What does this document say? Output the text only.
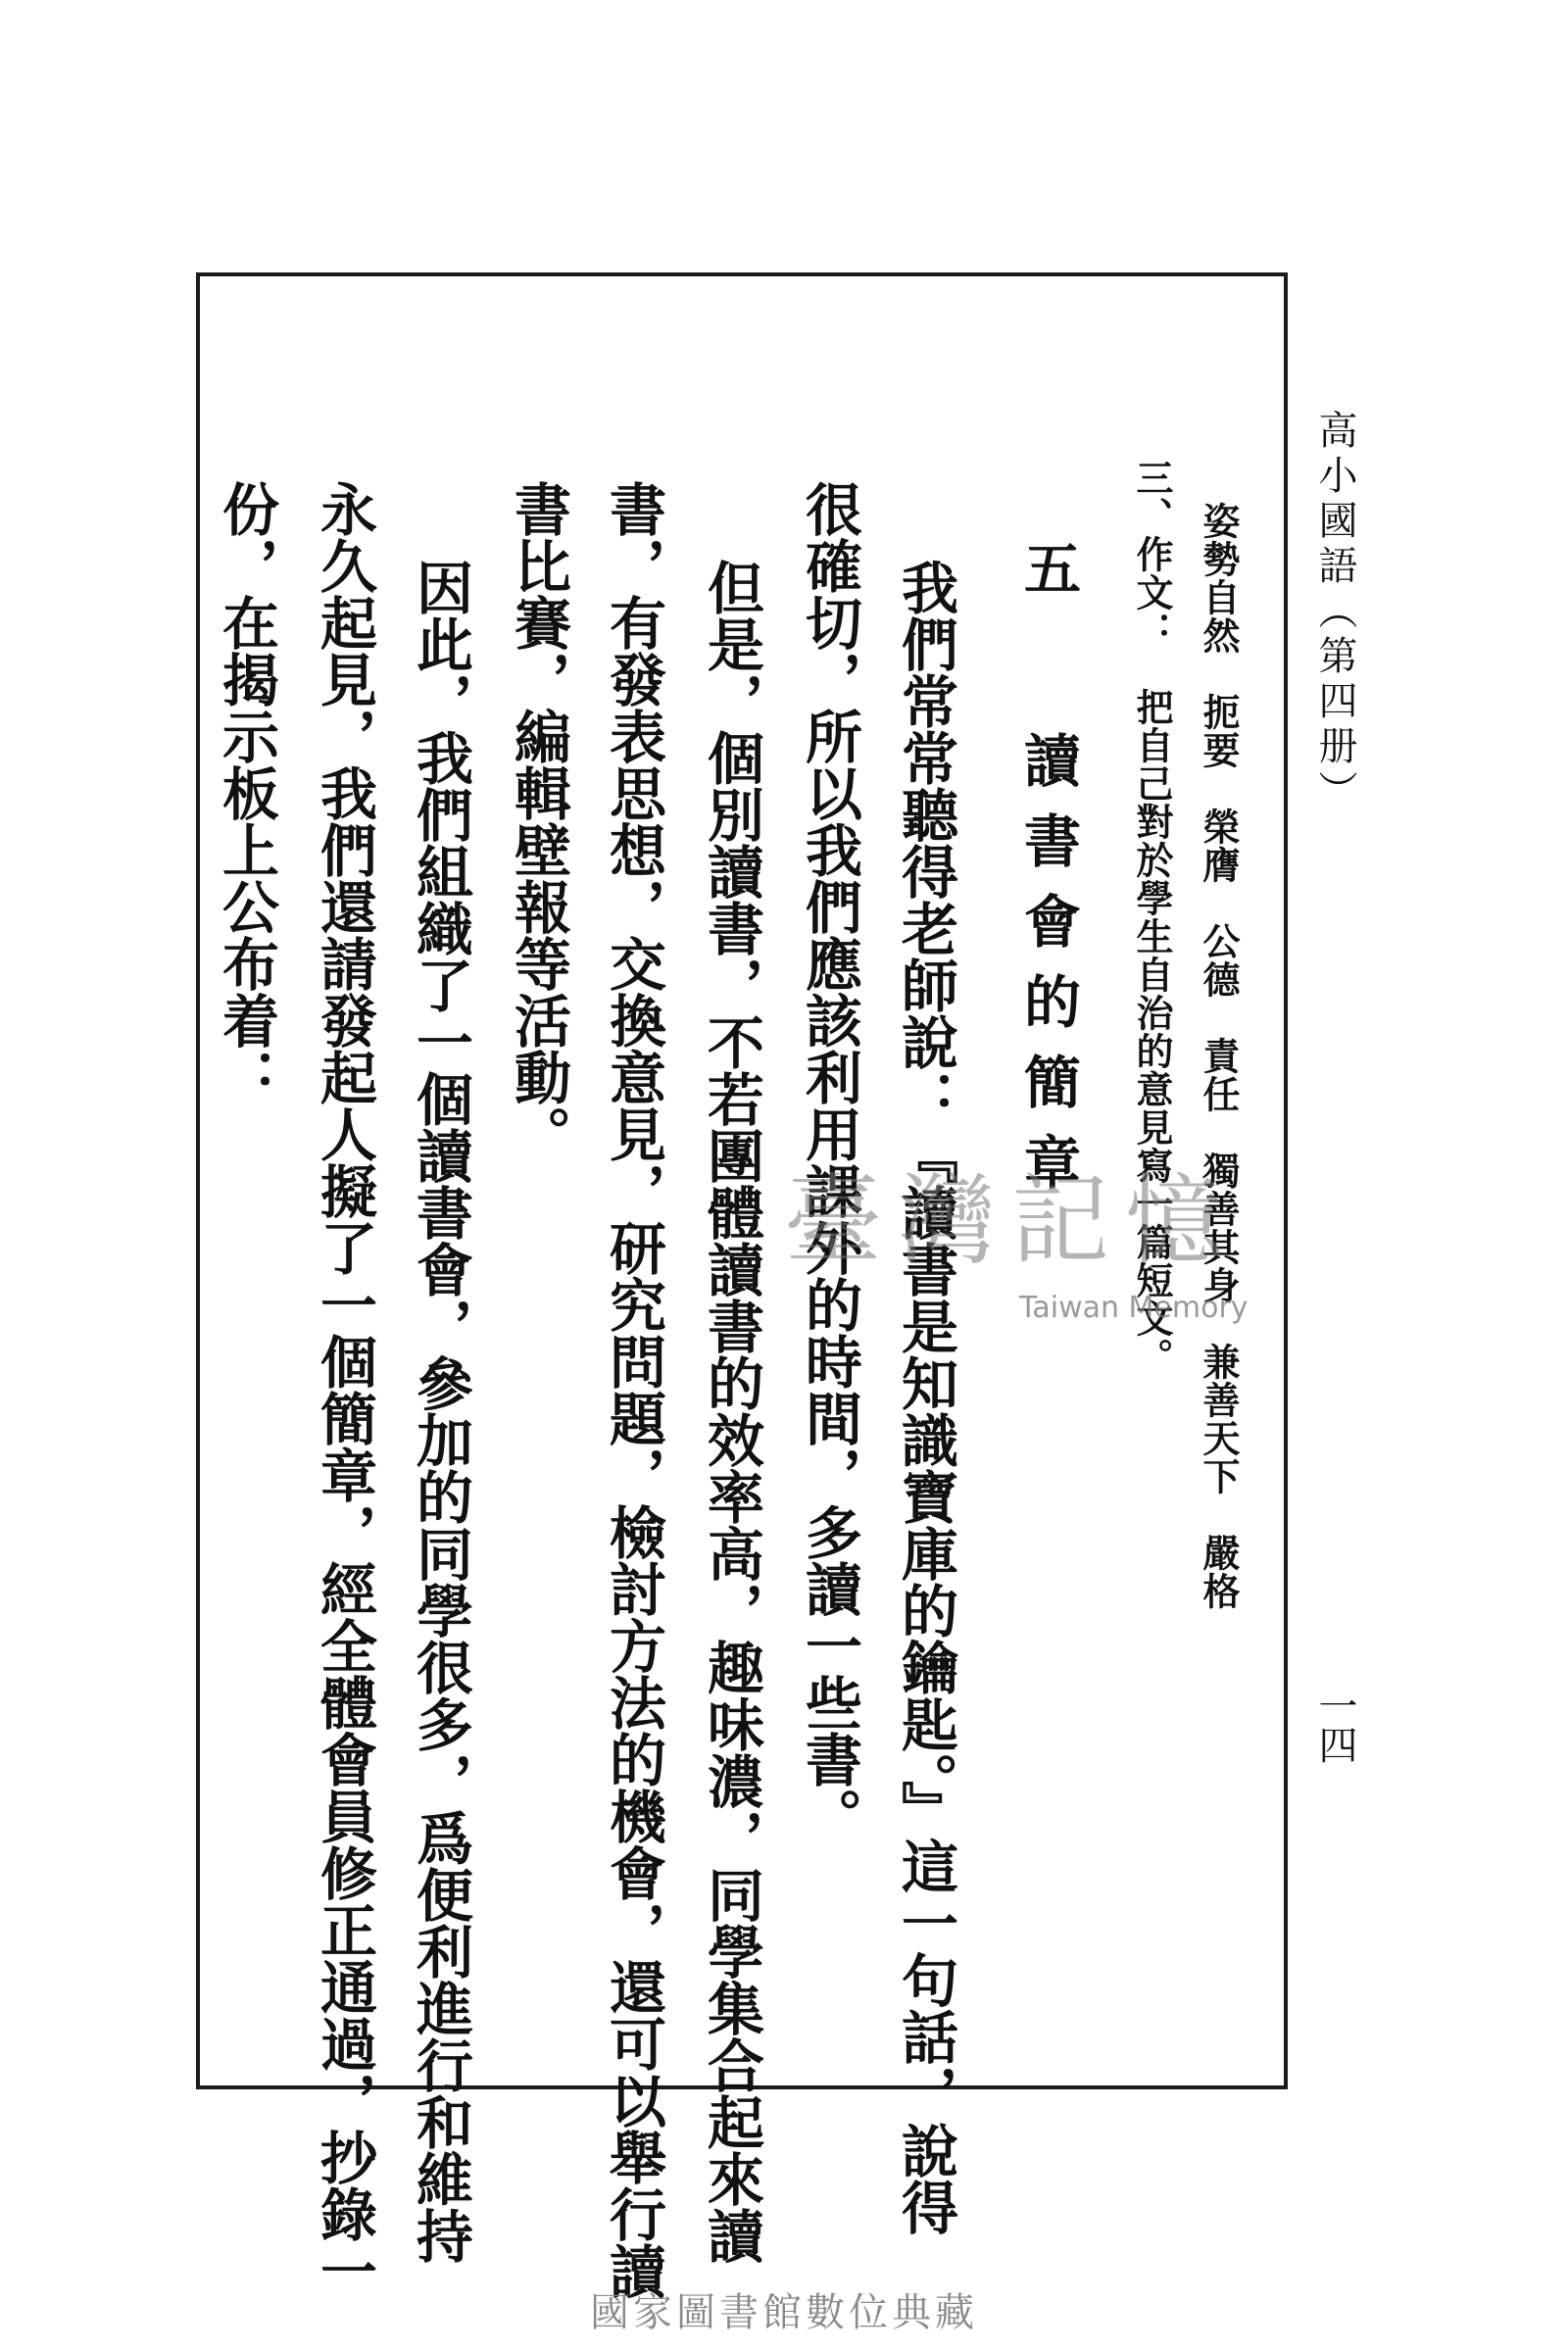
高小國語（第四册）
一四
姿勢自然　扼要　榮膺　公德　責任　獨善其身　兼善天下　嚴格
三、作文：　把自己對於學生自治的意見寫一篇短文。
五 讀書會的簡章
我們常常聽得老師說：『讀書是知識寶庫的鑰匙。』這一句話，說得
很確切，所以我們應該利用課外的時間，多讀一些書。
但是，個別讀書，不若團體讀書的效率高，趣味濃，同學集合起來讀
書，有發表思想，交換意見，研究問題，檢討方法的機會，還可以舉行讀
書比賽，編輯壁報等活動。
因此，我們組織了一個讀書會，參加的同學很多，爲便利進行和維持
永久起見，我們還請發起人擬了一個簡章，經全體會員修正通過，抄錄一
份，在揭示板上公布着：
臺灣記憶
Taiwan Memory
國家圖書館數位典藏
